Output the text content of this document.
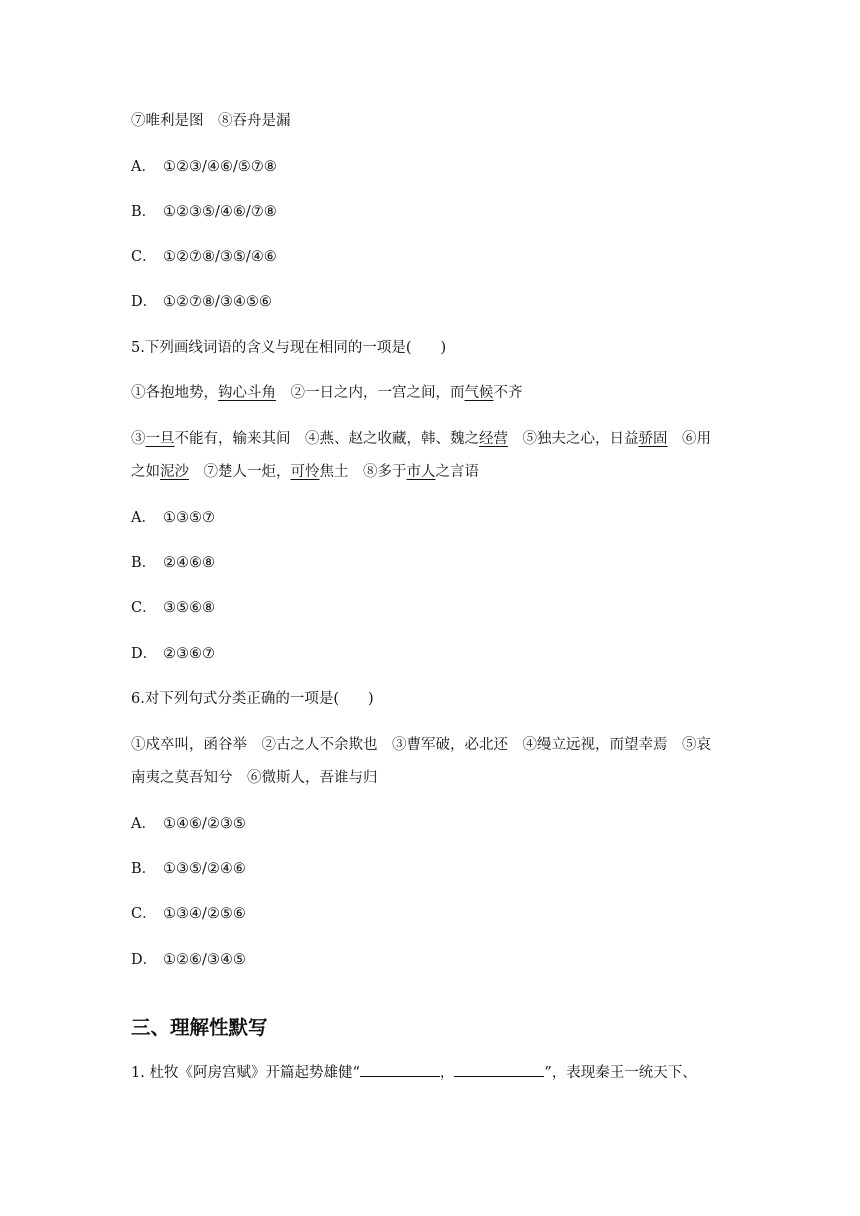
⑦唯利是图　⑧吞舟是漏
A． ①②③/④⑥/⑤⑦⑧
B． ①②③⑤/④⑥/⑦⑧
C． ①②⑦⑧/③⑤/④⑥
D． ①②⑦⑧/③④⑤⑥
5.下列画线词语的含义与现在相同的一项是(　　)
①各抱地势，钩心斗角　②一日之内，一宫之间，而气候不齐
③一旦不能有，输来其间　④燕、赵之收藏，韩、魏之经营　⑤独夫之心，日益骄固　⑥用
之如泥沙　⑦楚人一炬，可怜焦土　⑧多于市人之言语
A． ①③⑤⑦
B． ②④⑥⑧
C． ③⑤⑥⑧
D． ②③⑥⑦
6.对下列句式分类正确的一项是(　　)
①戍卒叫，函谷举　②古之人不余欺也　③曹军破，必北还　④缦立远视，而望幸焉　⑤哀
南夷之莫吾知兮　⑥微斯人，吾谁与归
A． ①④⑥/②③⑤
B． ①③⑤/②④⑥
C． ①③④/②⑤⑥
D． ①②⑥/③④⑤
三、理解性默写
1. 杜牧《阿房宫赋》开篇起势雄健“	，	”，表现秦王一统天下、
